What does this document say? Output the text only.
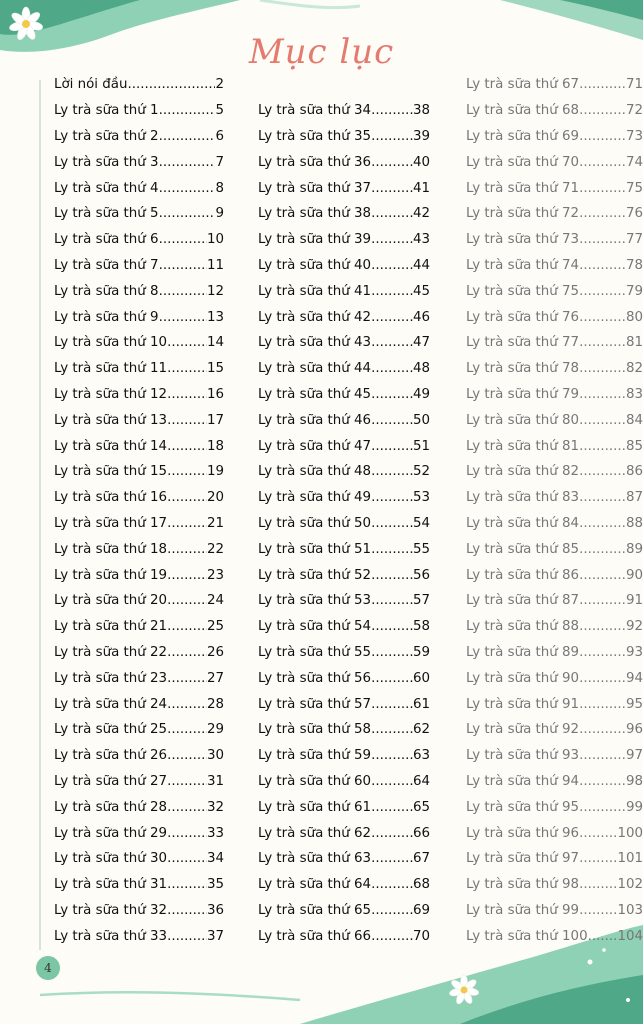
Mục lục
Lời nói đầu .....	2
Ly trà sữa thứ 1 .....	5
Ly trà sữa thứ 2 .....	6
Ly trà sữa thứ 3 .....	7
Ly trà sữa thứ 4 .....	8
Ly trà sữa thứ 5 .....	9
Ly trà sữa thứ 6 .....	10
Ly trà sữa thứ 7 .....	11
Ly trà sữa thứ 8 .....	12
Ly trà sữa thứ 9 .....	13
Ly trà sữa thứ 10 .....	14
Ly trà sữa thứ 11 .....	15
Ly trà sữa thứ 12 .....	16
Ly trà sữa thứ 13 .....	17
Ly trà sữa thứ 14 .....	18
Ly trà sữa thứ 15 .....	19
Ly trà sữa thứ 16 .....	20
Ly trà sữa thứ 17 .....	21
Ly trà sữa thứ 18 .....	22
Ly trà sữa thứ 19 .....	23
Ly trà sữa thứ 20 .....	24
Ly trà sữa thứ 21 .....	25
Ly trà sữa thứ 22 .....	26
Ly trà sữa thứ 23 .....	27
Ly trà sữa thứ 24 .....	28
Ly trà sữa thứ 25 .....	29
Ly trà sữa thứ 26 .....	30
Ly trà sữa thứ 27 .....	31
Ly trà sữa thứ 28 .....	32
Ly trà sữa thứ 29 .....	33
Ly trà sữa thứ 30 .....	34
Ly trà sữa thứ 31 .....	35
Ly trà sữa thứ 32 .....	36
Ly trà sữa thứ 33 .....	37
Ly trà sữa thứ 34 .....	38
Ly trà sữa thứ 35 .....	39
Ly trà sữa thứ 36 .....	40
Ly trà sữa thứ 37 .....	41
Ly trà sữa thứ 38 .....	42
Ly trà sữa thứ 39 .....	43
Ly trà sữa thứ 40 .....	44
Ly trà sữa thứ 41 .....	45
Ly trà sữa thứ 42 .....	46
Ly trà sữa thứ 43 .....	47
Ly trà sữa thứ 44 .....	48
Ly trà sữa thứ 45 .....	49
Ly trà sữa thứ 46 .....	50
Ly trà sữa thứ 47 .....	51
Ly trà sữa thứ 48 .....	52
Ly trà sữa thứ 49 .....	53
Ly trà sữa thứ 50 .....	54
Ly trà sữa thứ 51 .....	55
Ly trà sữa thứ 52 .....	56
Ly trà sữa thứ 53 .....	57
Ly trà sữa thứ 54 .....	58
Ly trà sữa thứ 55 .....	59
Ly trà sữa thứ 56 .....	60
Ly trà sữa thứ 57 .....	61
Ly trà sữa thứ 58 .....	62
Ly trà sữa thứ 59 .....	63
Ly trà sữa thứ 60 .....	64
Ly trà sữa thứ 61 .....	65
Ly trà sữa thứ 62 .....	66
Ly trà sữa thứ 63 .....	67
Ly trà sữa thứ 64 .....	68
Ly trà sữa thứ 65 .....	69
Ly trà sữa thứ 66 .....	70
Ly trà sữa thứ 67 .....	71
Ly trà sữa thứ 68 .....	72
Ly trà sữa thứ 69 .....	73
Ly trà sữa thứ 70 .....	74
Ly trà sữa thứ 71 .....	75
Ly trà sữa thứ 72 .....	76
Ly trà sữa thứ 73 .....	77
Ly trà sữa thứ 74 .....	78
Ly trà sữa thứ 75 .....	79
Ly trà sữa thứ 76 .....	80
Ly trà sữa thứ 77 .....	81
Ly trà sữa thứ 78 .....	82
Ly trà sữa thứ 79 .....	83
Ly trà sữa thứ 80 .....	84
Ly trà sữa thứ 81 .....	85
Ly trà sữa thứ 82 .....	86
Ly trà sữa thứ 83 .....	87
Ly trà sữa thứ 84 .....	88
Ly trà sữa thứ 85 .....	89
Ly trà sữa thứ 86 .....	90
Ly trà sữa thứ 87 .....	91
Ly trà sữa thứ 88 .....	92
Ly trà sữa thứ 89 .....	93
Ly trà sữa thứ 90 .....	94
Ly trà sữa thứ 91 .....	95
Ly trà sữa thứ 92 .....	96
Ly trà sữa thứ 93 .....	97
Ly trà sữa thứ 94 .....	98
Ly trà sữa thứ 95 .....	99
Ly trà sữa thứ 96 .....	100
Ly trà sữa thứ 97 .....	101
Ly trà sữa thứ 98 .....	102
Ly trà sữa thứ 99 .....	103
Ly trà sữa thứ 100 ..... 104
4
